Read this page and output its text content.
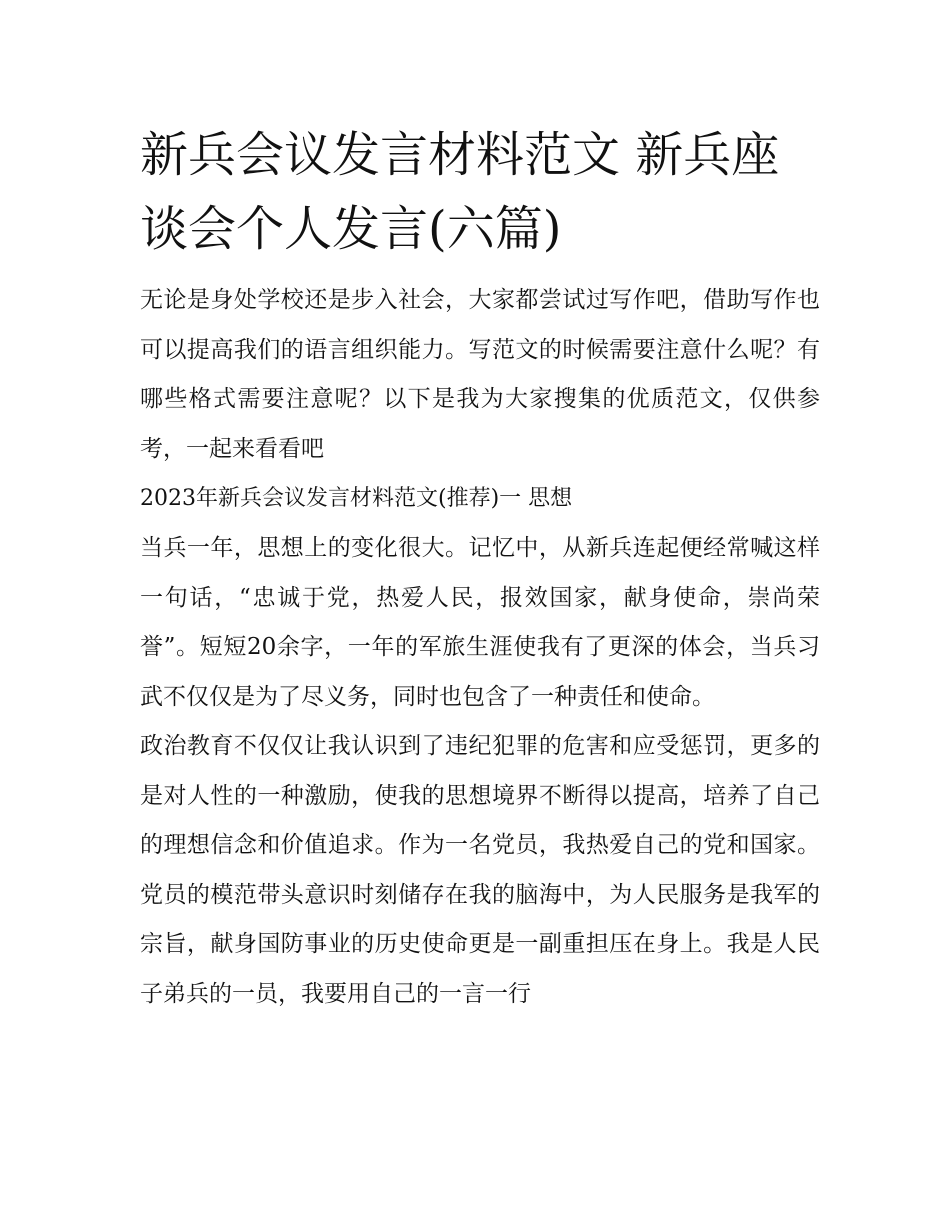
新兵会议发言材料范文 新兵座谈会个人发言(六篇)

无论是身处学校还是步入社会，大家都尝试过写作吧，借助写作也可以提高我们的语言组织能力。写范文的时候需要注意什么呢？有哪些格式需要注意呢？以下是我为大家搜集的优质范文，仅供参考，一起来看看吧

2023年新兵会议发言材料范文(推荐)一 思想

当兵一年，思想上的变化很大。记忆中，从新兵连起便经常喊这样一句话，“忠诚于党，热爱人民，报效国家，献身使命，崇尚荣誉”。短短20余字，一年的军旅生涯使我有了更深的体会，当兵习武不仅仅是为了尽义务，同时也包含了一种责任和使命。

政治教育不仅仅让我认识到了违纪犯罪的危害和应受惩罚，更多的是对人性的一种激励，使我的思想境界不断得以提高，培养了自己的理想信念和价值追求。作为一名党员，我热爱自己的党和国家。党员的模范带头意识时刻储存在我的脑海中，为人民服务是我军的宗旨，献身国防事业的历史使命更是一副重担压在身上。我是人民子弟兵的一员，我要用自己的一言一行
